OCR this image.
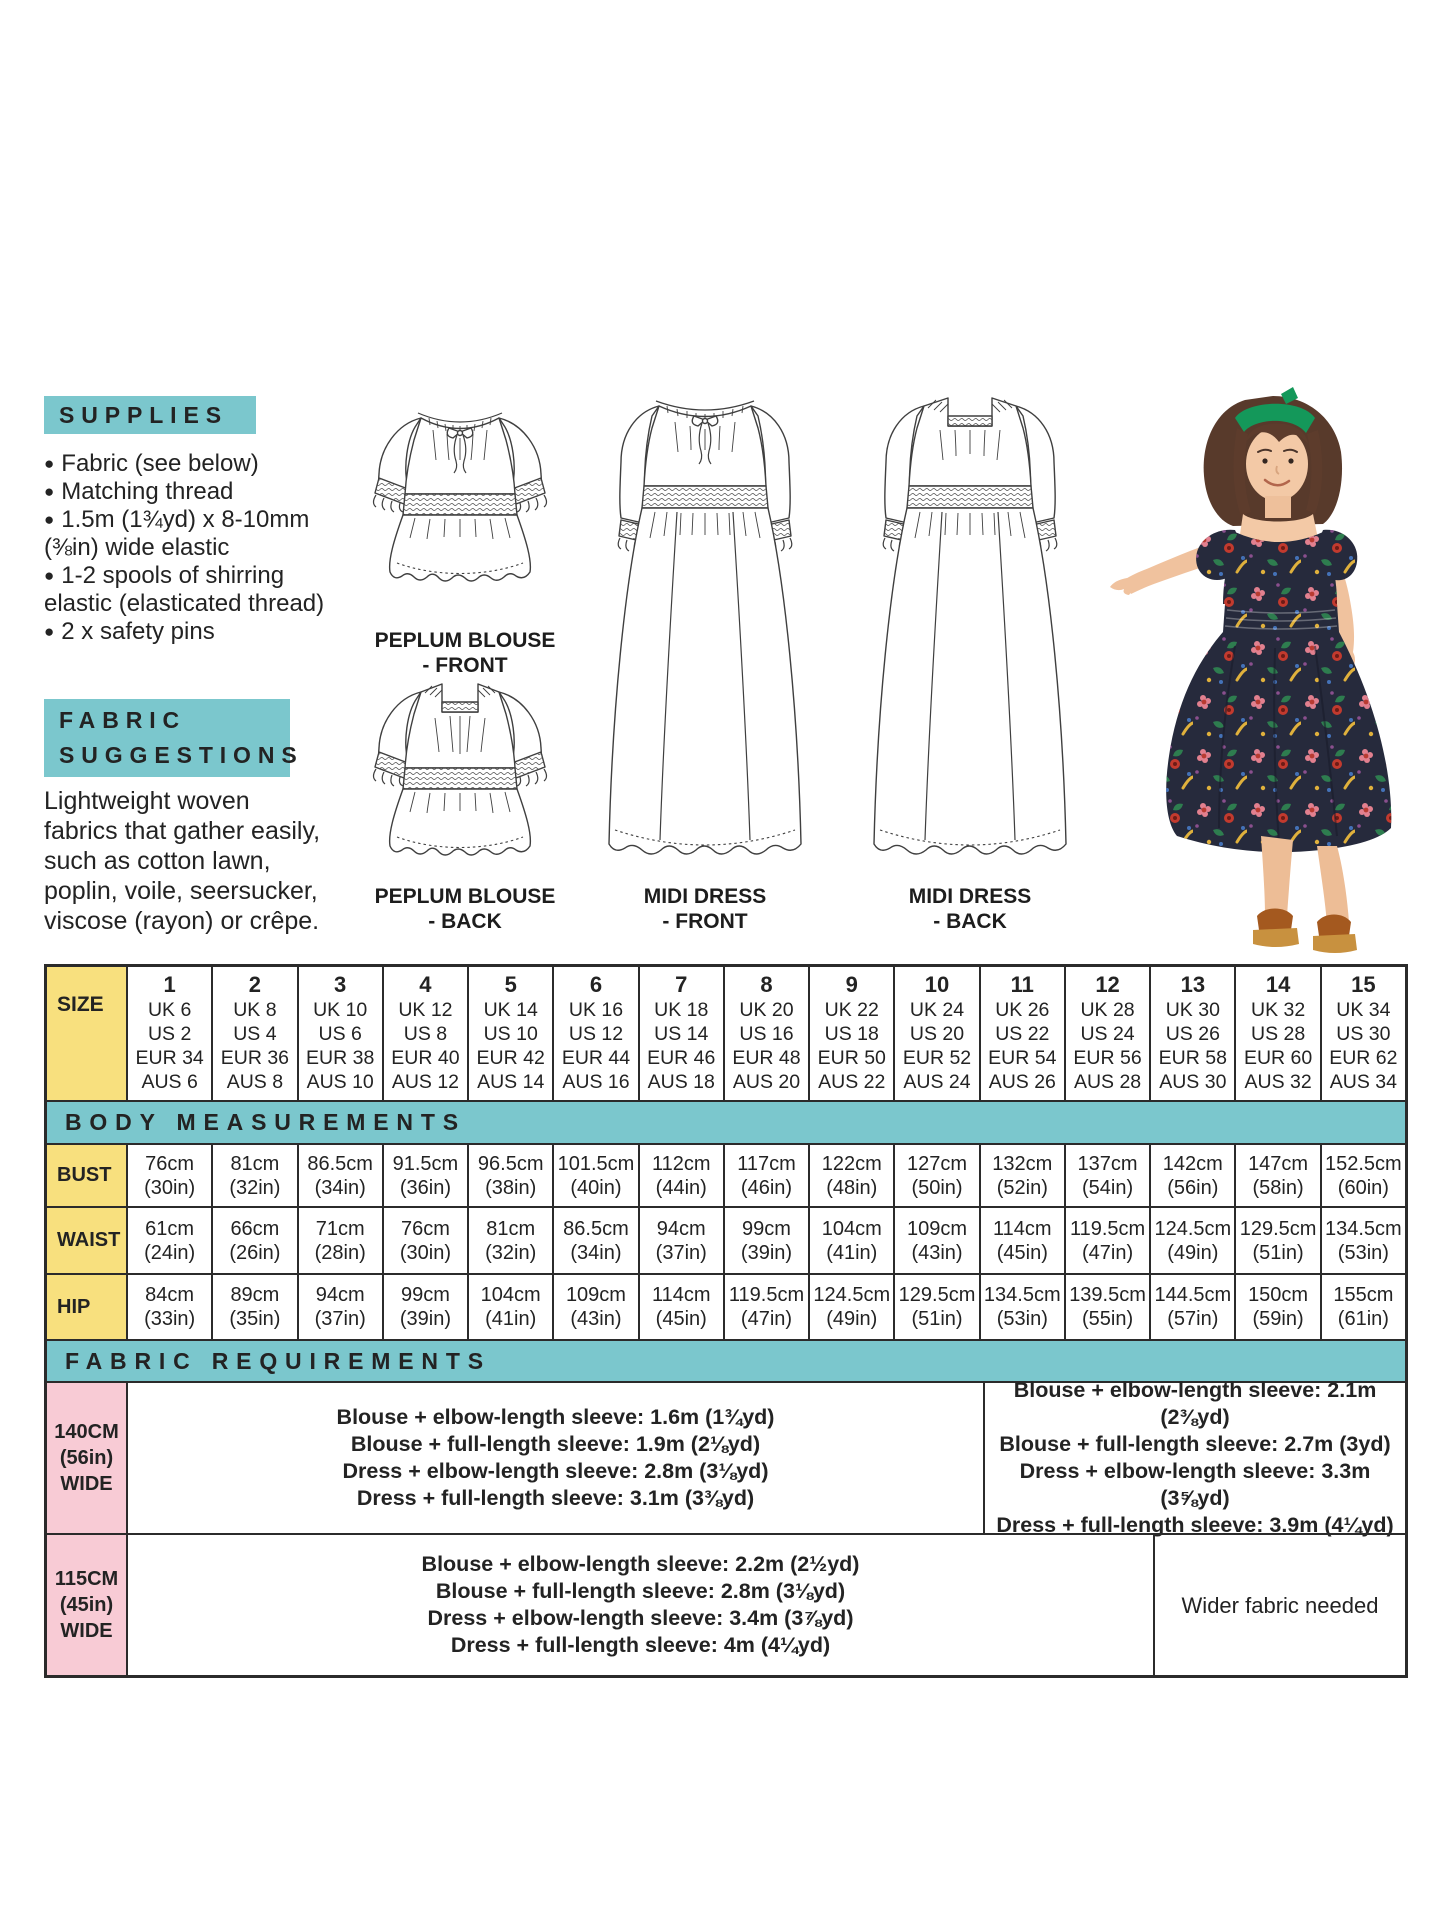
SUPPLIES
● Fabric (see below)
● Matching thread
● 1.5m (1¾yd) x 8-10mm
(⅜in) wide elastic
● 1-2 spools of shirring
elastic (elasticated thread)
● 2 x safety pins
FABRIC
SUGGESTIONS
Lightweight woven
fabrics that gather easily,
such as cotton lawn,
poplin, voile, seersucker,
viscose (rayon) or crêpe.
PEPLUM BLOUSE
- FRONT
PEPLUM BLOUSE
- BACK
MIDI DRESS
- FRONT
MIDI DRESS
- BACK
SIZE
1
UK 6
US 2
EUR 34
AUS 6
2
UK 8
US 4
EUR 36
AUS 8
3
UK 10
US 6
EUR 38
AUS 10
4
UK 12
US 8
EUR 40
AUS 12
5
UK 14
US 10
EUR 42
AUS 14
6
UK 16
US 12
EUR 44
AUS 16
7
UK 18
US 14
EUR 46
AUS 18
8
UK 20
US 16
EUR 48
AUS 20
9
UK 22
US 18
EUR 50
AUS 22
10
UK 24
US 20
EUR 52
AUS 24
11
UK 26
US 22
EUR 54
AUS 26
12
UK 28
US 24
EUR 56
AUS 28
13
UK 30
US 26
EUR 58
AUS 30
14
UK 32
US 28
EUR 60
AUS 32
15
UK 34
US 30
EUR 62
AUS 34
BODY MEASUREMENTS
BUST
76cm
(30in)
81cm
(32in)
86.5cm
(34in)
91.5cm
(36in)
96.5cm
(38in)
101.5cm
(40in)
112cm
(44in)
117cm
(46in)
122cm
(48in)
127cm
(50in)
132cm
(52in)
137cm
(54in)
142cm
(56in)
147cm
(58in)
152.5cm
(60in)
WAIST
61cm
(24in)
66cm
(26in)
71cm
(28in)
76cm
(30in)
81cm
(32in)
86.5cm
(34in)
94cm
(37in)
99cm
(39in)
104cm
(41in)
109cm
(43in)
114cm
(45in)
119.5cm
(47in)
124.5cm
(49in)
129.5cm
(51in)
134.5cm
(53in)
HIP
84cm
(33in)
89cm
(35in)
94cm
(37in)
99cm
(39in)
104cm
(41in)
109cm
(43in)
114cm
(45in)
119.5cm
(47in)
124.5cm
(49in)
129.5cm
(51in)
134.5cm
(53in)
139.5cm
(55in)
144.5cm
(57in)
150cm
(59in)
155cm
(61in)
FABRIC REQUIREMENTS
140CM
(56in)
WIDE
Blouse + elbow-length sleeve: 1.6m (1¾yd)
Blouse + full-length sleeve: 1.9m (2⅛yd)
Dress + elbow-length sleeve: 2.8m (3⅛yd)
Dress + full-length sleeve: 3.1m (3⅜yd)
Blouse + elbow-length sleeve: 2.1m (2⅜yd)
Blouse + full-length sleeve: 2.7m (3yd)
Dress + elbow-length sleeve: 3.3m (3⅝yd)
Dress + full-length sleeve: 3.9m (4¼yd)
115CM
(45in)
WIDE
Blouse + elbow-length sleeve: 2.2m (2½yd)
Blouse + full-length sleeve: 2.8m (3⅛yd)
Dress + elbow-length sleeve: 3.4m (3⅞yd)
Dress + full-length sleeve: 4m (4¼yd)
Wider fabric needed
